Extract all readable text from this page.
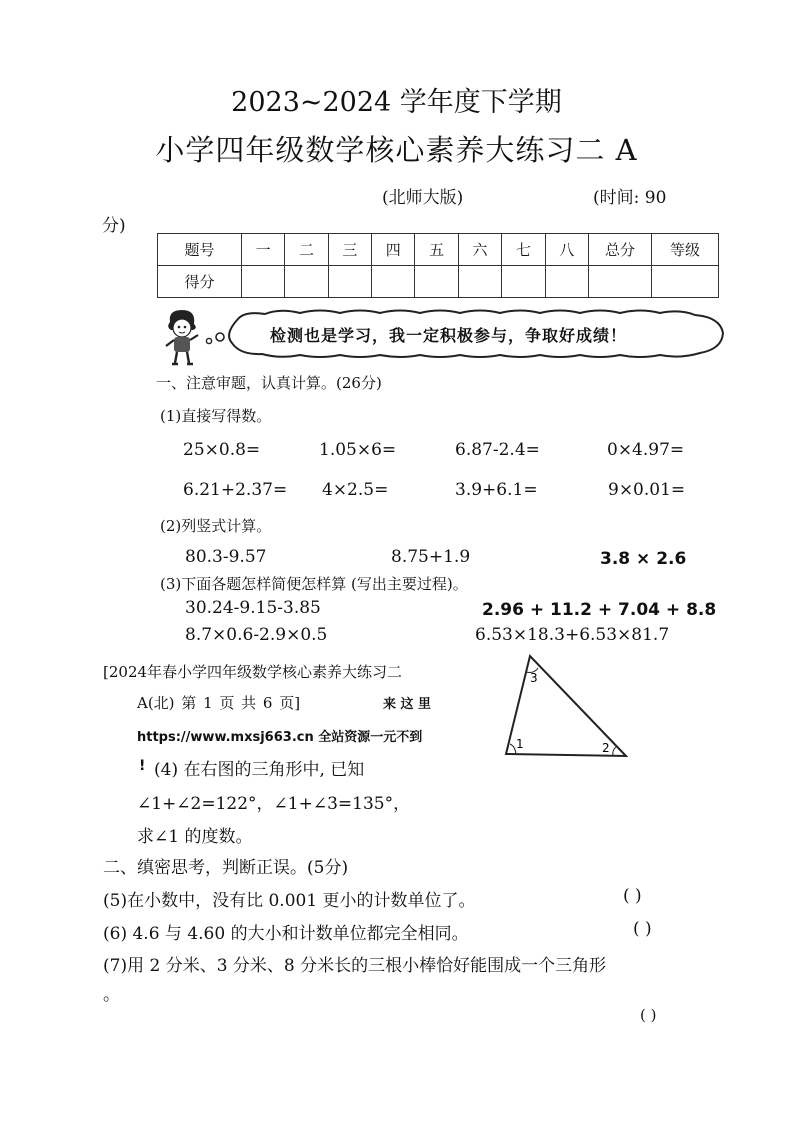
2023~2024 学年度下学期
小学四年级数学核心素养大练习二 A
(北师大版)	(时间: 90
分)
题号	一	二	三	四	五	六	七	八	总分	等级
得分										
检测也是学习，我一定积极参与，争取好成绩！
一、注意审题，认真计算。(26分)
(1)直接写得数。
25×0.8=	1.05×6=	6.87-2.4=	0×4.97=
6.21+2.37= 4×2.5=	3.9+6.1=	9×0.01=
(2)列竖式计算。
80.3-9.57	8.75+1.9	3.8 × 2.6
(3)下面各题怎样简便怎样算 (写出主要过程)。
30.24-9.15-3.85	2.96 + 11.2 + 7.04 + 8.8
8.7×0.6-2.9×0.5	6.53×18.3+6.53×81.7
[2024年春小学四年级数学核心素养大练习二
A(北) 第 1 页 共 6 页]	来 这 里
https://www.mxsj663.cn 全站资源一元不到
! (4) 在右图的三角形中, 已知
∠1+∠2=122°，∠1+∠3=135°，
求∠1 的度数。
3
1	2
二、缜密思考，判断正误。(5分)
(5)在小数中，没有比 0.001 更小的计数单位了。	( )
(6) 4.6 与 4.60 的大小和计数单位都完全相同。	( )
(7)用 2 分米、3 分米、8 分米长的三根小棒恰好能围成一个三角形
。
( )
